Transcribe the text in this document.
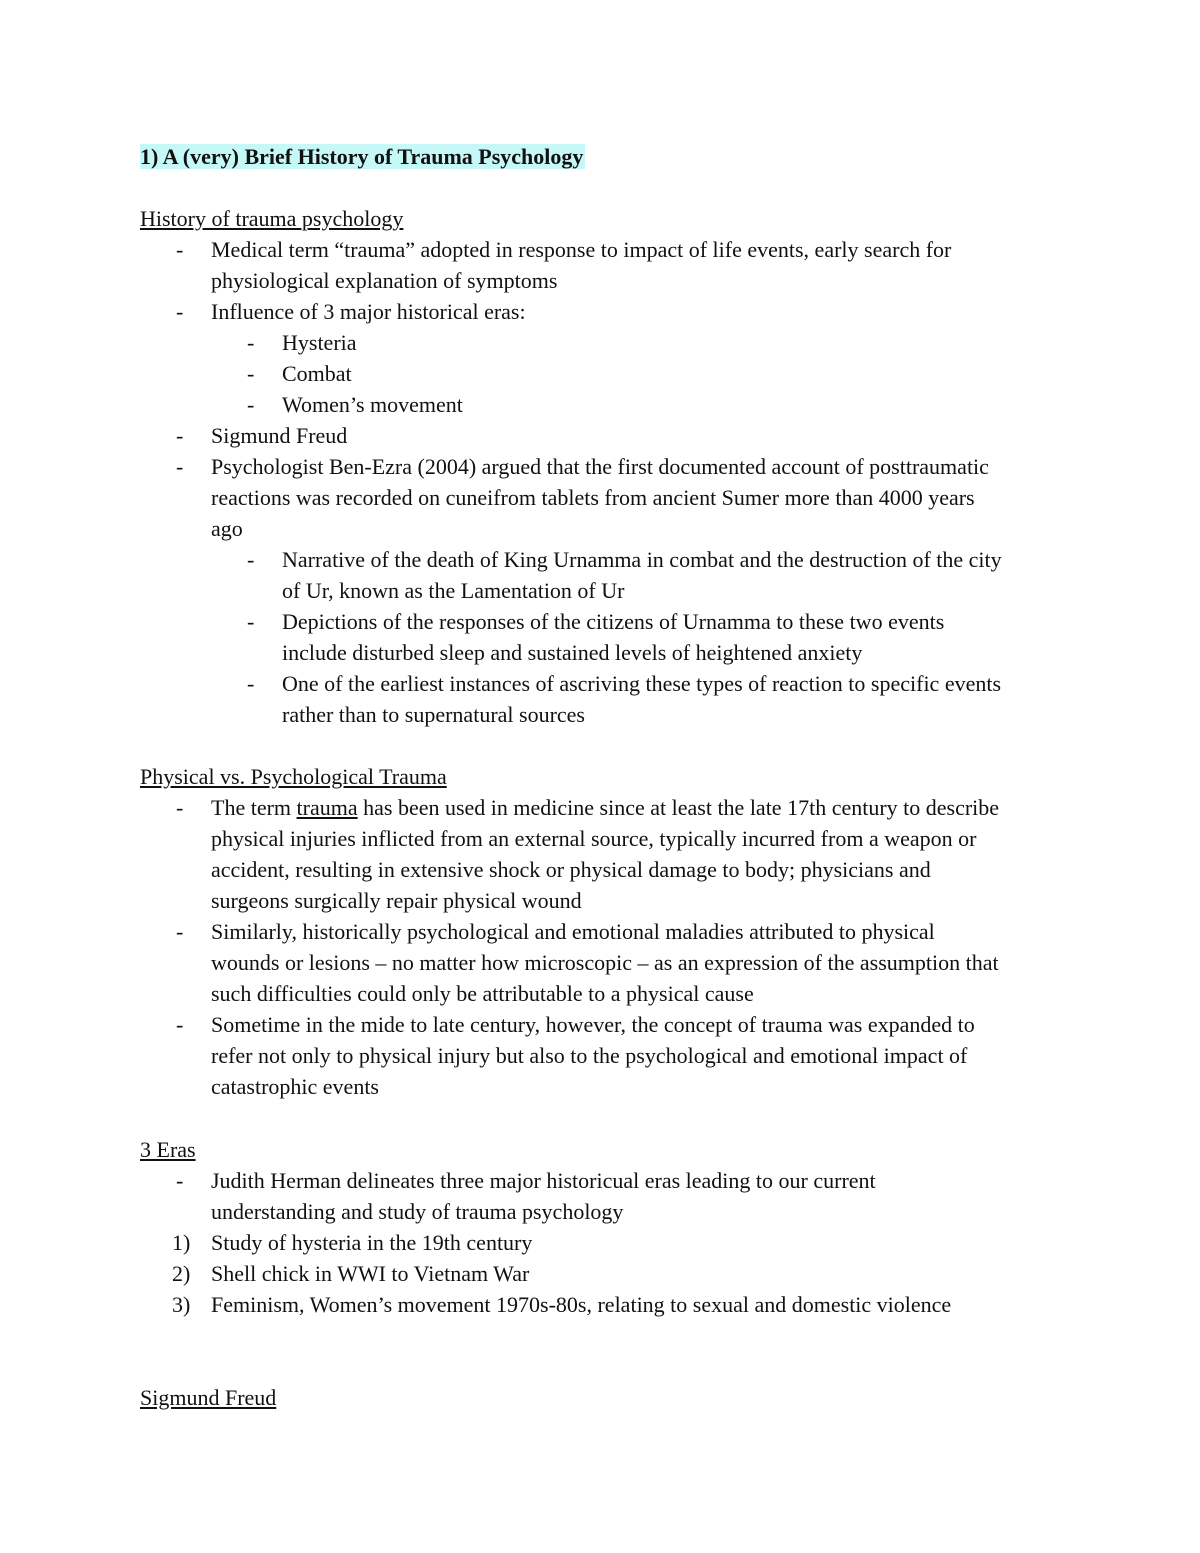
1) A (very) Brief History of Trauma Psychology
History of trauma psychology
- Medical term “trauma” adopted in response to impact of life events, early search for
physiological explanation of symptoms
- Influence of 3 major historical eras:
- Hysteria
- Combat
- Women’s movement
- Sigmund Freud
- Psychologist Ben-Ezra (2004) argued that the first documented account of posttraumatic
reactions was recorded on cuneifrom tablets from ancient Sumer more than 4000 years
ago
- Narrative of the death of King Urnamma in combat and the destruction of the city
of Ur, known as the Lamentation of Ur
- Depictions of the responses of the citizens of Urnamma to these two events
include disturbed sleep and sustained levels of heightened anxiety
- One of the earliest instances of ascriving these types of reaction to specific events
rather than to supernatural sources
Physical vs. Psychological Trauma
- The term trauma has been used in medicine since at least the late 17th century to describe
physical injuries inflicted from an external source, typically incurred from a weapon or
accident, resulting in extensive shock or physical damage to body; physicians and
surgeons surgically repair physical wound
- Similarly, historically psychological and emotional maladies attributed to physical
wounds or lesions – no matter how microscopic – as an expression of the assumption that
such difficulties could only be attributable to a physical cause
- Sometime in the mide to late century, however, the concept of trauma was expanded to
refer not only to physical injury but also to the psychological and emotional impact of
catastrophic events
3 Eras
- Judith Herman delineates three major historicual eras leading to our current
understanding and study of trauma psychology
1) Study of hysteria in the 19th century
2) Shell chick in WWI to Vietnam War
3) Feminism, Women’s movement 1970s-80s, relating to sexual and domestic violence
Sigmund Freud
